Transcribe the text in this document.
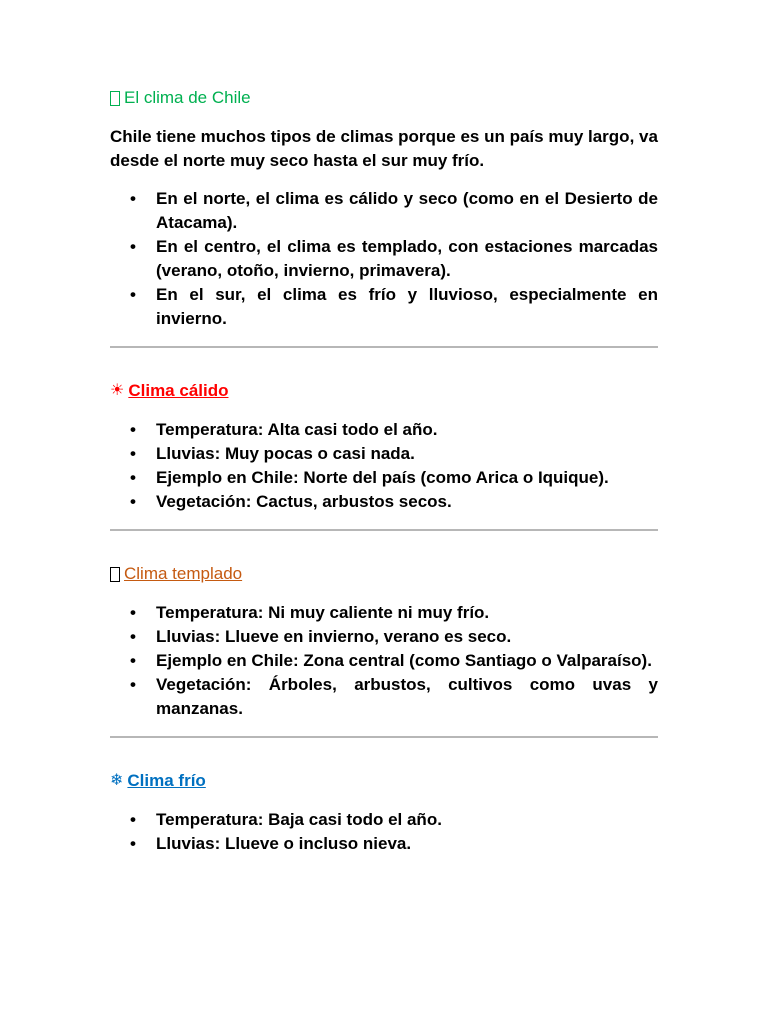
El clima de Chile

Chile tiene muchos tipos de climas porque es un país muy largo, va desde el norte muy seco hasta el sur muy frío.

• En el norte, el clima es cálido y seco (como en el Desierto de Atacama).
• En el centro, el clima es templado, con estaciones marcadas (verano, otoño, invierno, primavera).
• En el sur, el clima es frío y lluvioso, especialmente en invierno.
☀ Clima cálido
• Temperatura: Alta casi todo el año.
• Lluvias: Muy pocas o casi nada.
• Ejemplo en Chile: Norte del país (como Arica o Iquique).
• Vegetación: Cactus, arbustos secos.
Clima templado
• Temperatura: Ni muy caliente ni muy frío.
• Lluvias: Llueve en invierno, verano es seco.
• Ejemplo en Chile: Zona central (como Santiago o Valparaíso).
• Vegetación: Árboles, arbustos, cultivos como uvas y manzanas.
❄ Clima frío
• Temperatura: Baja casi todo el año.
• Lluvias: Llueve o incluso nieva.
